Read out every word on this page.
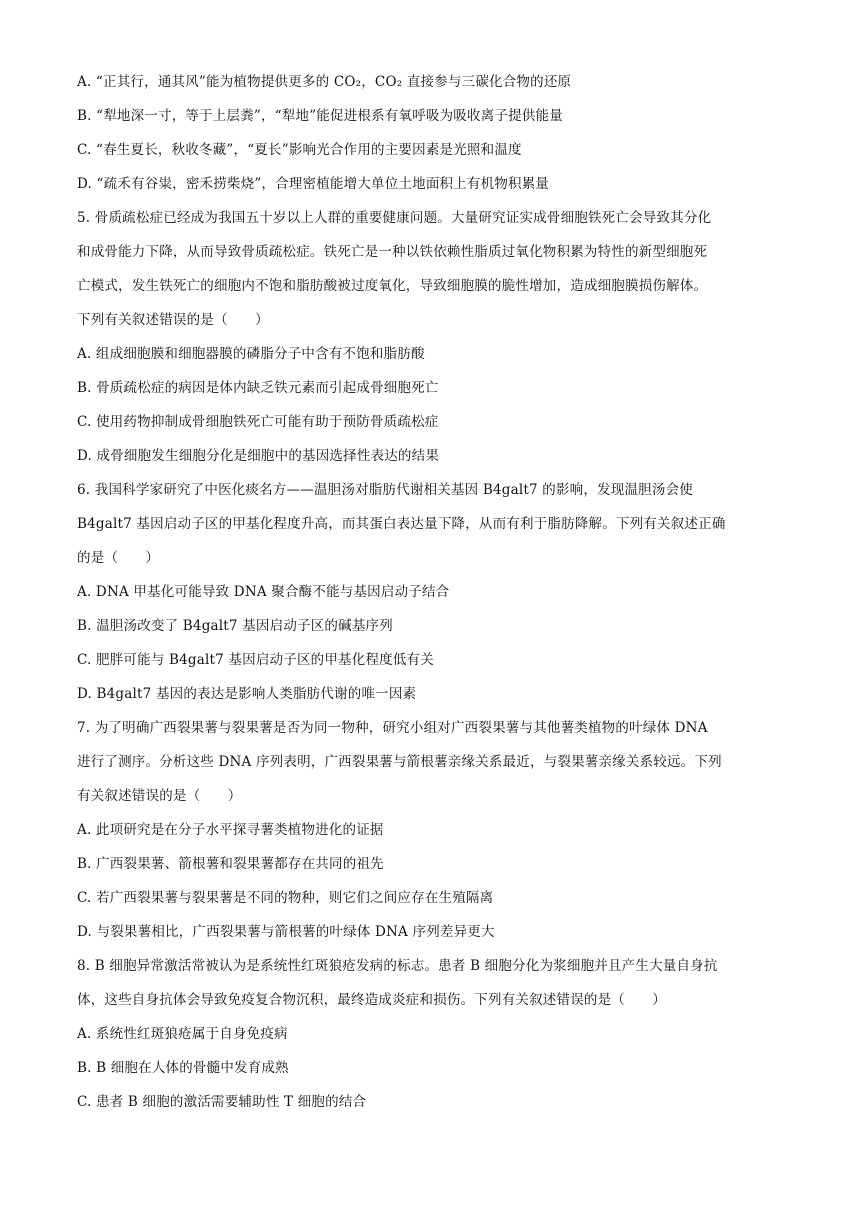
A. “正其行，通其风”能为植物提供更多的 CO₂，CO₂ 直接参与三碳化合物的还原
B. “犁地深一寸，等于上层粪”，“犁地”能促进根系有氧呼吸为吸收离子提供能量
C. “春生夏长，秋收冬藏”，“夏长”影响光合作用的主要因素是光照和温度
D. “疏禾有谷粜，密禾捞柴烧”，合理密植能增大单位土地面积上有机物积累量
5. 骨质疏松症已经成为我国五十岁以上人群的重要健康问题。大量研究证实成骨细胞铁死亡会导致其分化
和成骨能力下降，从而导致骨质疏松症。铁死亡是一种以铁依赖性脂质过氧化物积累为特性的新型细胞死
亡模式，发生铁死亡的细胞内不饱和脂肪酸被过度氧化，导致细胞膜的脆性增加，造成细胞膜损伤解体。
下列有关叙述错误的是（　　）
A. 组成细胞膜和细胞器膜的磷脂分子中含有不饱和脂肪酸
B. 骨质疏松症的病因是体内缺乏铁元素而引起成骨细胞死亡
C. 使用药物抑制成骨细胞铁死亡可能有助于预防骨质疏松症
D. 成骨细胞发生细胞分化是细胞中的基因选择性表达的结果
6. 我国科学家研究了中医化痰名方——温胆汤对脂肪代谢相关基因 B4galt7 的影响，发现温胆汤会使
B4galt7 基因启动子区的甲基化程度升高，而其蛋白表达量下降，从而有利于脂肪降解。下列有关叙述正确
的是（　　）
A. DNA 甲基化可能导致 DNA 聚合酶不能与基因启动子结合
B. 温胆汤改变了 B4galt7 基因启动子区的碱基序列
C. 肥胖可能与 B4galt7 基因启动子区的甲基化程度低有关
D. B4galt7 基因的表达是影响人类脂肪代谢的唯一因素
7. 为了明确广西裂果薯与裂果薯是否为同一物种，研究小组对广西裂果薯与其他薯类植物的叶绿体 DNA
进行了测序。分析这些 DNA 序列表明，广西裂果薯与箭根薯亲缘关系最近，与裂果薯亲缘关系较远。下列
有关叙述错误的是（　　）
A. 此项研究是在分子水平探寻薯类植物进化的证据
B. 广西裂果薯、箭根薯和裂果薯都存在共同的祖先
C. 若广西裂果薯与裂果薯是不同的物种，则它们之间应存在生殖隔离
D. 与裂果薯相比，广西裂果薯与箭根薯的叶绿体 DNA 序列差异更大
8. B 细胞异常激活常被认为是系统性红斑狼疮发病的标志。患者 B 细胞分化为浆细胞并且产生大量自身抗
体，这些自身抗体会导致免疫复合物沉积，最终造成炎症和损伤。下列有关叙述错误的是（　　）
A. 系统性红斑狼疮属于自身免疫病
B. B 细胞在人体的骨髓中发育成熟
C. 患者 B 细胞的激活需要辅助性 T 细胞的结合
